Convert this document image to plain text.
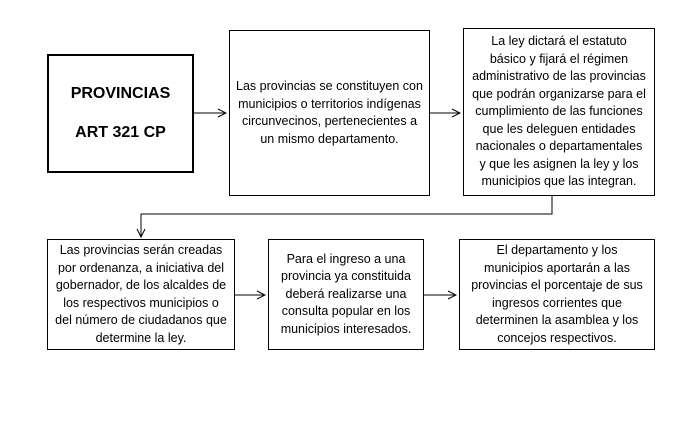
PROVINCIAS

ART 321 CP

Las provincias se constituyen con municipios o territorios indígenas circunvecinos, pertenecientes a un mismo departamento.

La ley dictará el estatuto básico y fijará el régimen administrativo de las provincias que podrán organizarse para el cumplimiento de las funciones que les deleguen entidades nacionales o departamentales y que les asignen la ley y los municipios que las integran.

Las provincias serán creadas por ordenanza, a iniciativa del gobernador, de los alcaldes de los respectivos municipios o del número de ciudadanos que determine la ley.

Para el ingreso a una provincia ya constituida deberá realizarse una consulta popular en los municipios interesados.

El departamento y los municipios aportarán a las provincias el porcentaje de sus ingresos corrientes que determinen la asamblea y los concejos respectivos.
